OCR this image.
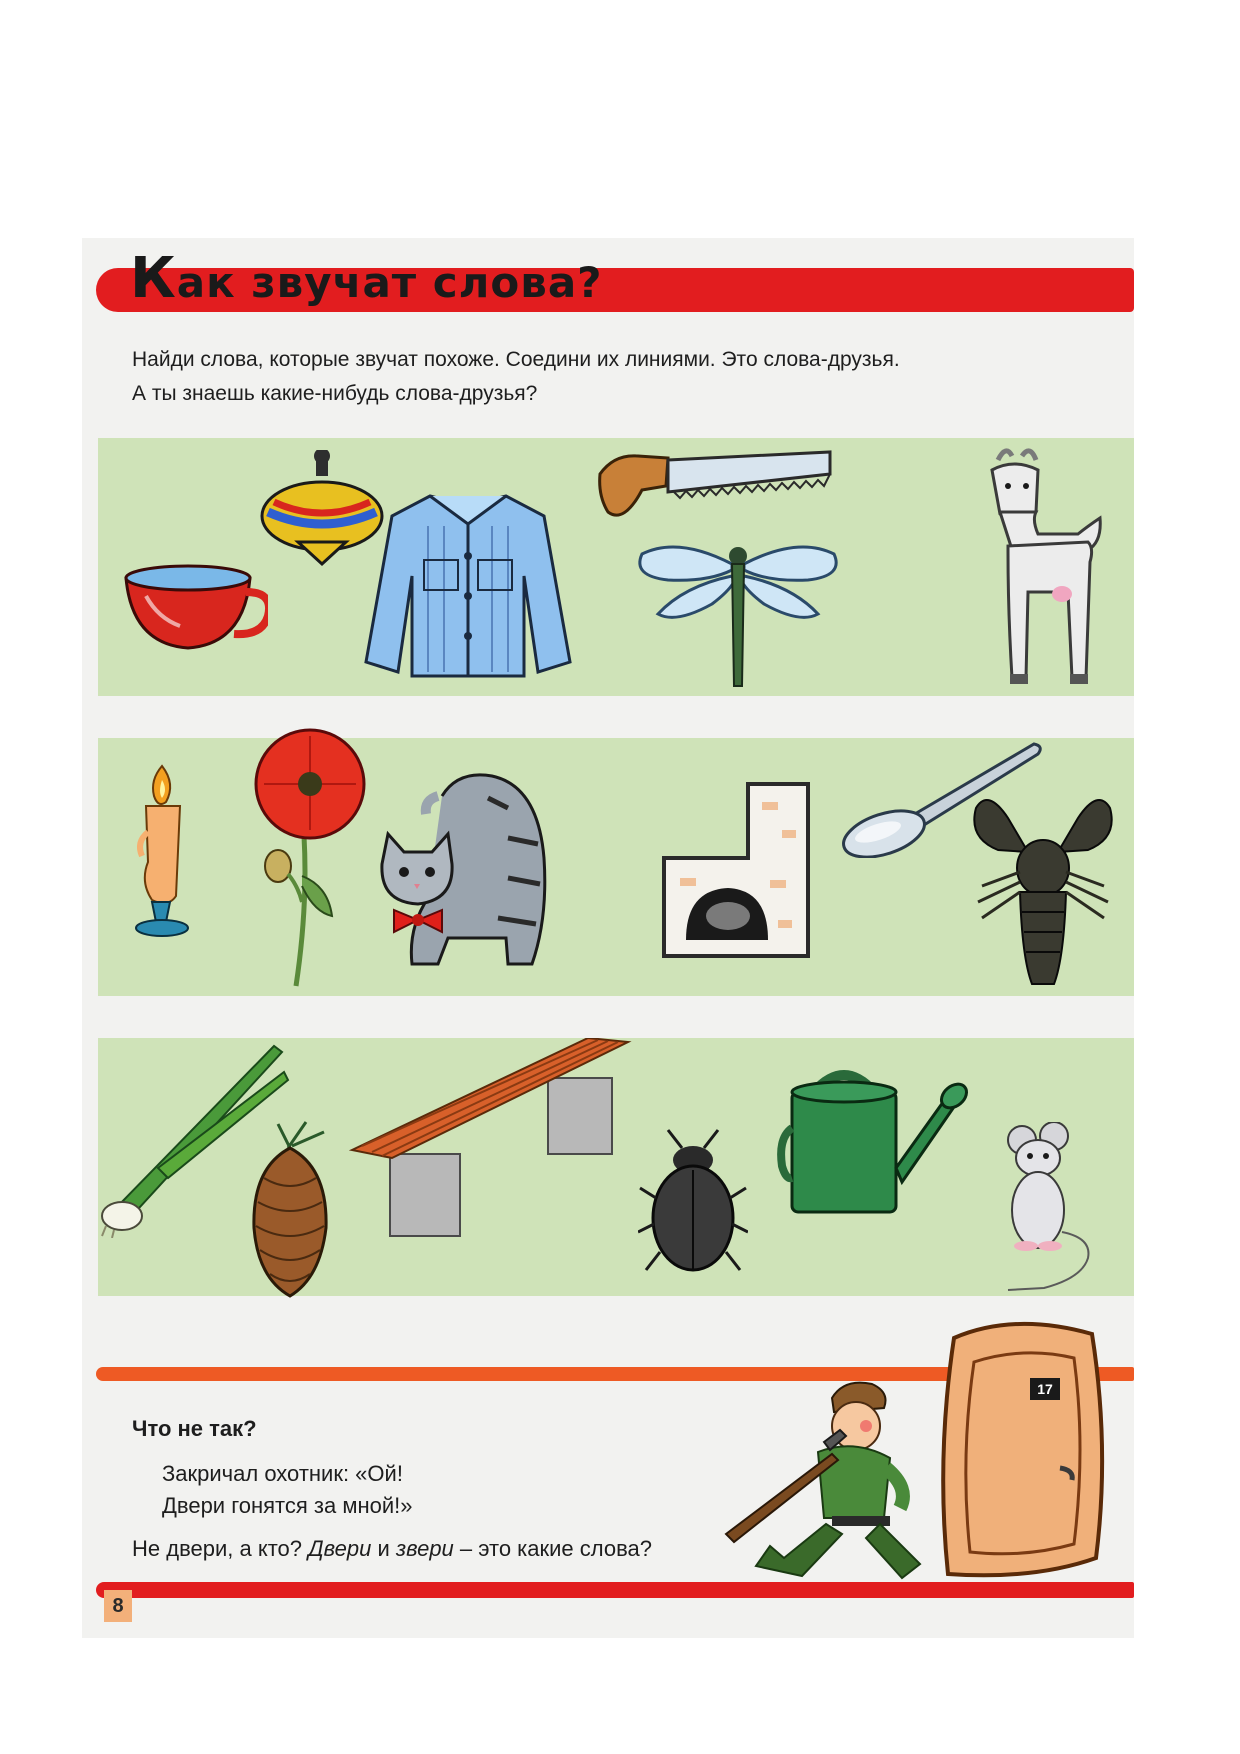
Как звучат слова?
Найди слова, которые звучат похоже. Соедини их линиями. Это слова-друзья.
А ты знаешь какие-нибудь слова-друзья?
Что не так?
Закричал охотник: «Ой!
Двери гонятся за мной!»
Не двери, а кто? Двери и звери – это какие слова?
17
8
